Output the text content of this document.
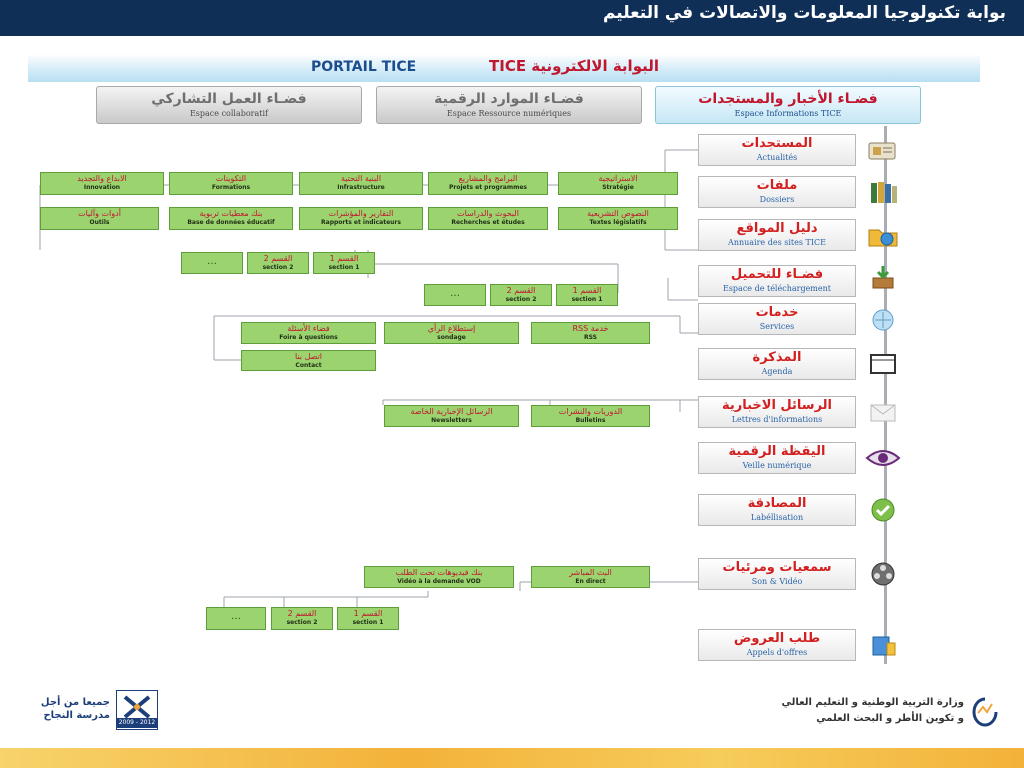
بوابة تكنولوجيا المعلومات والاتصالات في التعليم
PORTAIL TICE	البوابة الالكترونية TICE
فضـاء العمل التشاركي
Espace collaboratif
فضـاء الموارد الرقمية
Espace Ressource numériques
فضـاء الأخبار والمستجدات
Espace Informations TICE
الابداع والتجديد
Innovation
التكوينات
Formations
البنية التحتية
Infrastructure
البرامج والمشاريع
Projets et programmes
الاستراتيجية
Stratégie
أدوات وآليات
Outils
بنك معطيات تربوية
Base de données éducatif
التقارير والمؤشرات
Rapports et indicateurs
البحوث والدراسات
Recherches et études
النصوص التشريعية
Textes législatifs
…	القسم 2
section 2
القسم 1
section 1
…	القسم 2
section 2
القسم 1
section 1
فضاء الأسئلة
Foire à questions
إستطلاع الرأي
sondage
خدمة RSS
RSS
اتصل بنا
Contact
الرسائل الإخبارية الخاصة
Newsletters
الدوريات والنشرات
Bulletins
بنك فيديوهات تحت الطلب
Vidéo à la demande VOD
البث المباشر
En direct
…	القسم 2
section 2
القسم 1
section 1
المستجدات
Actualités
ملفات
Dossiers
دليل المواقع
Annuaire des sites TICE
فضـاء للتحميل
Espace de téléchargement
خدمات
Services
المذكرة
Agenda
الرسائل الاخبارية
Lettres d'informations
اليقظة الرقمية
Veille numérique
المصادقة
Labéllisation
سمعيات ومرئيات
Son & Vidéo
طلب العروض
Appels d'offres
جميعا من أجل
مدرسة النجاح
2009 - 2012
وزارة التربية الوطنية و التعليم العالي
و تكوين الأطر و البحث العلمي
